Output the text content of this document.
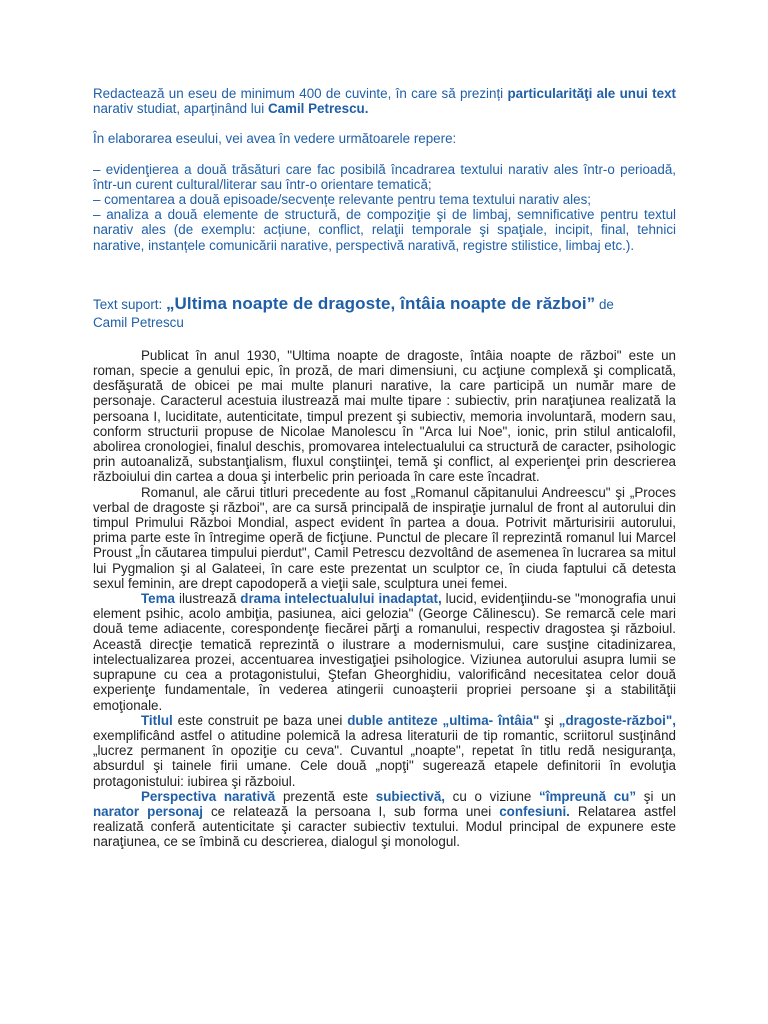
Redactează un eseu de minimum 400 de cuvinte, în care să prezinți particularităţi ale unui text narativ studiat, aparținând lui Camil Petrescu.

În elaborarea eseului, vei avea în vedere următoarele repere:

– evidenţierea a două trăsături care fac posibilă încadrarea textului narativ ales într-o perioadă, într-un curent cultural/literar sau într-o orientare tematică;

– comentarea a două episoade/secvențe relevante pentru tema textului narativ ales;

– analiza a două elemente de structură, de compoziţie şi de limbaj, semnificative pentru textul narativ ales (de exemplu: acțiune, conflict, relaţii temporale şi spaţiale, incipit, final, tehnici narative, instanțele comunicării narative, perspectivă narativă, registre stilistice, limbaj etc.).

Text suport: „Ultima noapte de dragoste, întâia noapte de război” de
Camil Petrescu

Publicat în anul 1930, "Ultima noapte de dragoste, întâia noapte de război" este un roman, specie a genului epic, în proză, de mari dimensiuni, cu acţiune complexă şi complicată, desfăşurată de obicei pe mai multe planuri narative, la care participă un număr mare de personaje. Caracterul acestuia ilustrează mai multe tipare : subiectiv, prin naraţiunea realizată la persoana I, luciditate, autenticitate, timpul prezent şi subiectiv, memoria involuntară, modern sau, conform structurii propuse de Nicolae Manolescu în "Arca lui Noe", ionic, prin stilul anticalofil, abolirea cronologiei, finalul deschis, promovarea intelectualului ca structură de caracter, psihologic prin autoanaliză, substanţialism, fluxul conştiinţei, temă şi conflict, al experienţei prin descrierea războiului din cartea a doua şi interbelic prin perioada în care este încadrat.

Romanul, ale cărui titluri precedente au fost „Romanul căpitanului Andreescu" şi „Proces verbal de dragoste şi război", are ca sursă principală de inspiraţie jurnalul de front al autorului din timpul Primului Război Mondial, aspect evident în partea a doua. Potrivit mărturisirii autorului, prima parte este în întregime operă de ficţiune. Punctul de plecare îl reprezintă romanul lui Marcel Proust „În căutarea timpului pierdut", Camil Petrescu dezvoltând de asemenea în lucrarea sa mitul lui Pygmalion şi al Galateei, în care este prezentat un sculptor ce, în ciuda faptului că detesta sexul feminin, are drept capodoperă a vieţii sale, sculptura unei femei.

Tema ilustrează drama intelectualului inadaptat, lucid, evidenţiindu-se "monografia unui element psihic, acolo ambiţia, pasiunea, aici gelozia" (George Călinescu). Se remarcă cele mari două teme adiacente, corespondenţe fiecărei părţi a romanului, respectiv dragostea şi războiul. Această direcţie tematică reprezintă o ilustrare a modernismului, care susţine citadinizarea, intelectualizarea prozei, accentuarea investigaţiei psihologice. Viziunea autorului asupra lumii se suprapune cu cea a protagonistului, Ştefan Gheorghidiu, valorificând necesitatea celor două experienţe fundamentale, în vederea atingerii cunoaşterii propriei persoane şi a stabilităţii emoţionale.

Titlul este construit pe baza unei duble antiteze „ultima- întâia" şi „dragoste-război", exemplificând astfel o atitudine polemică la adresa literaturii de tip romantic, scriitorul susţinând „lucrez permanent în opoziţie cu ceva". Cuvantul „noapte", repetat în titlu redă nesiguranţa, absurdul şi tainele firii umane. Cele două „nopţi" sugerează etapele definitorii în evoluţia protagonistului: iubirea şi războiul.

Perspectiva narativă prezentă este subiectivă, cu o viziune “împreună cu” şi un narator personaj ce relatează la persoana I, sub forma unei confesiuni. Relatarea astfel realizată conferă autenticitate şi caracter subiectiv textului. Modul principal de expunere este naraţiunea, ce se îmbină cu descrierea, dialogul şi monologul.
